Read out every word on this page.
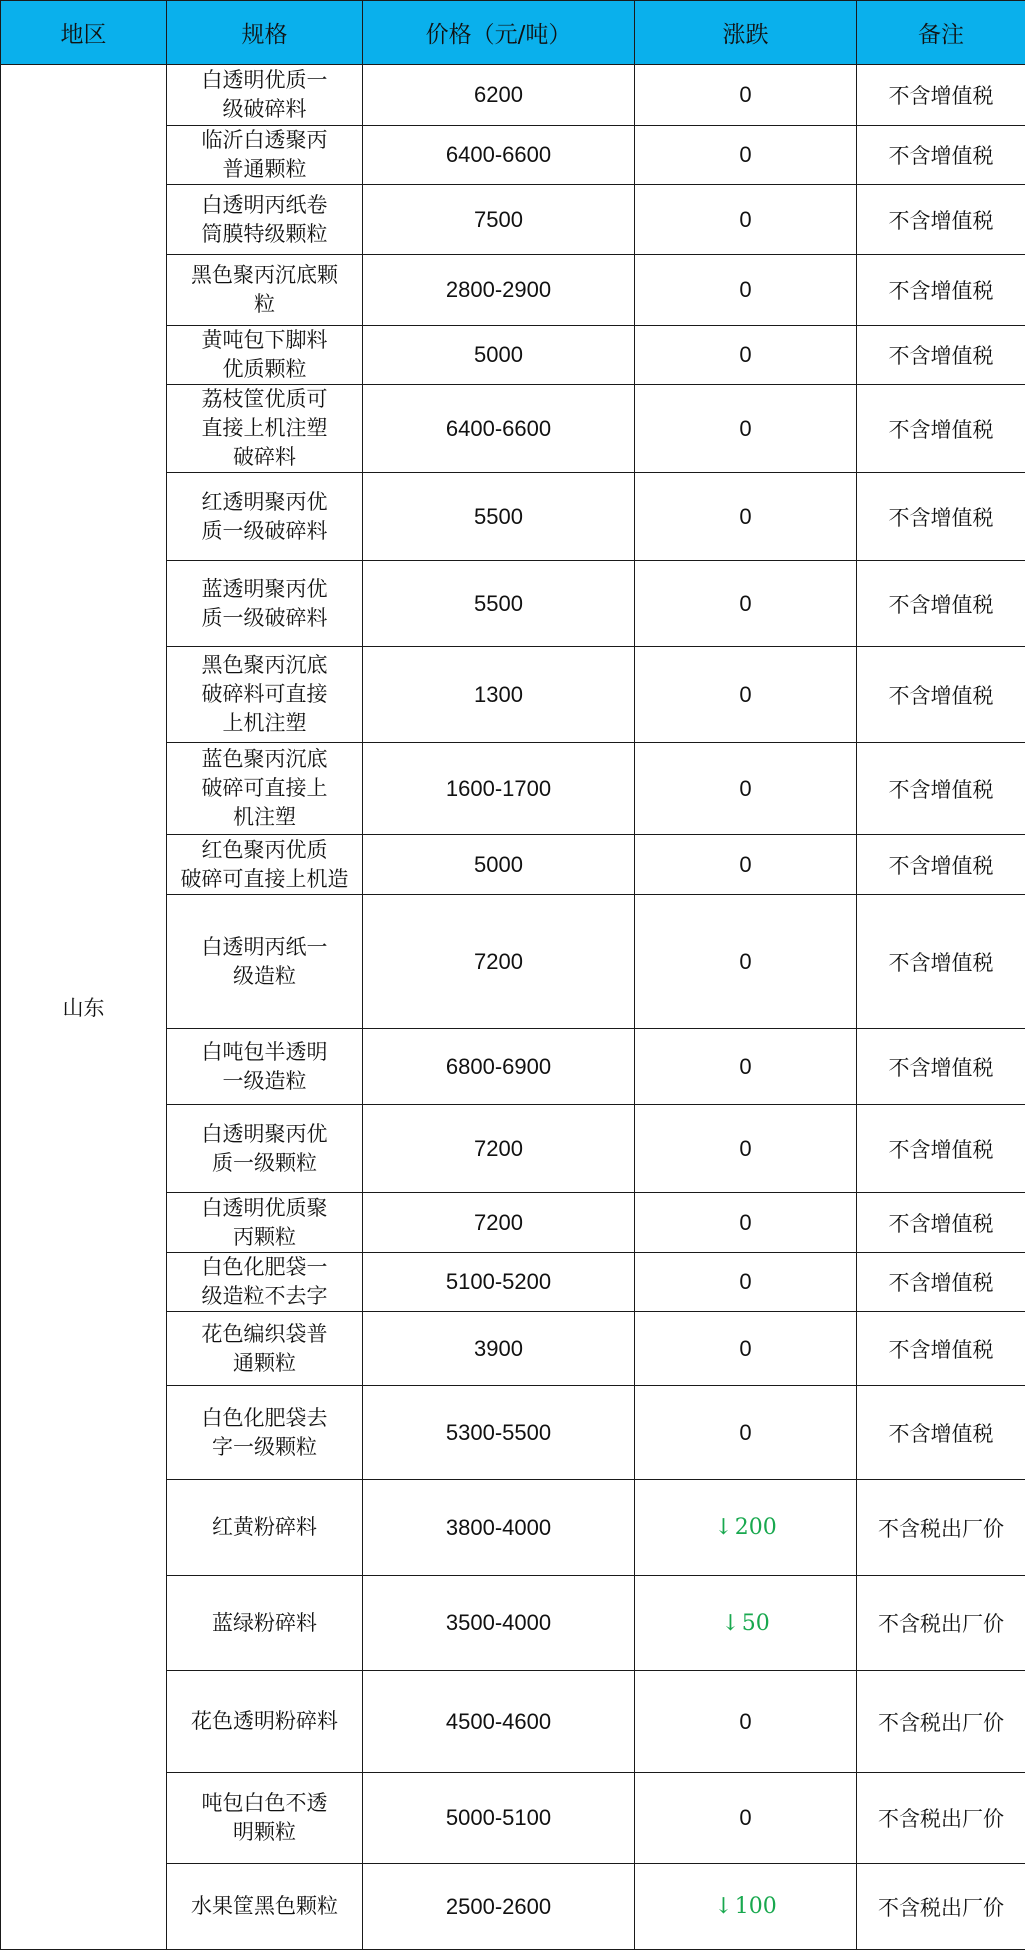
地区	规格	价格（元/吨）	涨跌	备注
山东	白透明优质一
级破碎料	6200	0	不含增值税

	临沂白透聚丙
普通颗粒	6400-6600	0	不含增值税

	白透明丙纸卷
筒膜特级颗粒	7500	0	不含增值税

	黑色聚丙沉底颗
粒	2800-2900	0	不含增值税

	黄吨包下脚料
优质颗粒	5000	0	不含增值税

	荔枝筐优质可
直接上机注塑
破碎料	6400-6600	0	不含增值税

	红透明聚丙优
质一级破碎料	5500	0	不含增值税

	蓝透明聚丙优
质一级破碎料	5500	0	不含增值税

	黑色聚丙沉底
破碎料可直接
上机注塑	1300	0	不含增值税

	蓝色聚丙沉底
破碎可直接上
机注塑	1600-1700	0	不含增值税

	红色聚丙优质
破碎可直接上机造	5000	0	不含增值税

	白透明丙纸一
级造粒	7200	0	不含增值税

	白吨包半透明
一级造粒	6800-6900	0	不含增值税

	白透明聚丙优
质一级颗粒	7200	0	不含增值税

	白透明优质聚
丙颗粒	7200	0	不含增值税

	白色化肥袋一
级造粒不去字	5100-5200	0	不含增值税

	花色编织袋普
通颗粒	3900	0	不含增值税

	白色化肥袋去
字一级颗粒	5300-5500	0	不含增值税

	红黄粉碎料	3800-4000	↓200	不含税出厂价

	蓝绿粉碎料	3500-4000	↓50	不含税出厂价

	花色透明粉碎料	4500-4600	0	不含税出厂价

	吨包白色不透
明颗粒	5000-5100	0	不含税出厂价

	水果筐黑色颗粒	2500-2600	↓100	不含税出厂价
